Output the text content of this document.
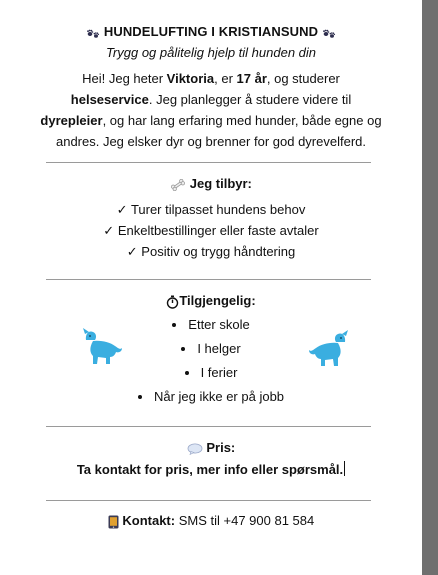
HUNDELUFTING I KRISTIANSUND
Trygg og pålitelig hjelp til hunden din
Hei! Jeg heter Viktoria, er 17 år, og studerer helseservice. Jeg planlegger å studere videre til dyrepleier, og har lang erfaring med hunder, både egne og andres. Jeg elsker dyr og brenner for god dyrevelferd.
Jeg tilbyr:
✓ Turer tilpasset hundens behov
✓ Enkeltbestillinger eller faste avtaler
✓ Positiv og trygg håndtering
Tilgjengelig:
Etter skole
I helger
I ferier
Når jeg ikke er på jobb
Pris:
Ta kontakt for pris, mer info eller spørsmål.
Kontakt: SMS til +47 900 81 584
